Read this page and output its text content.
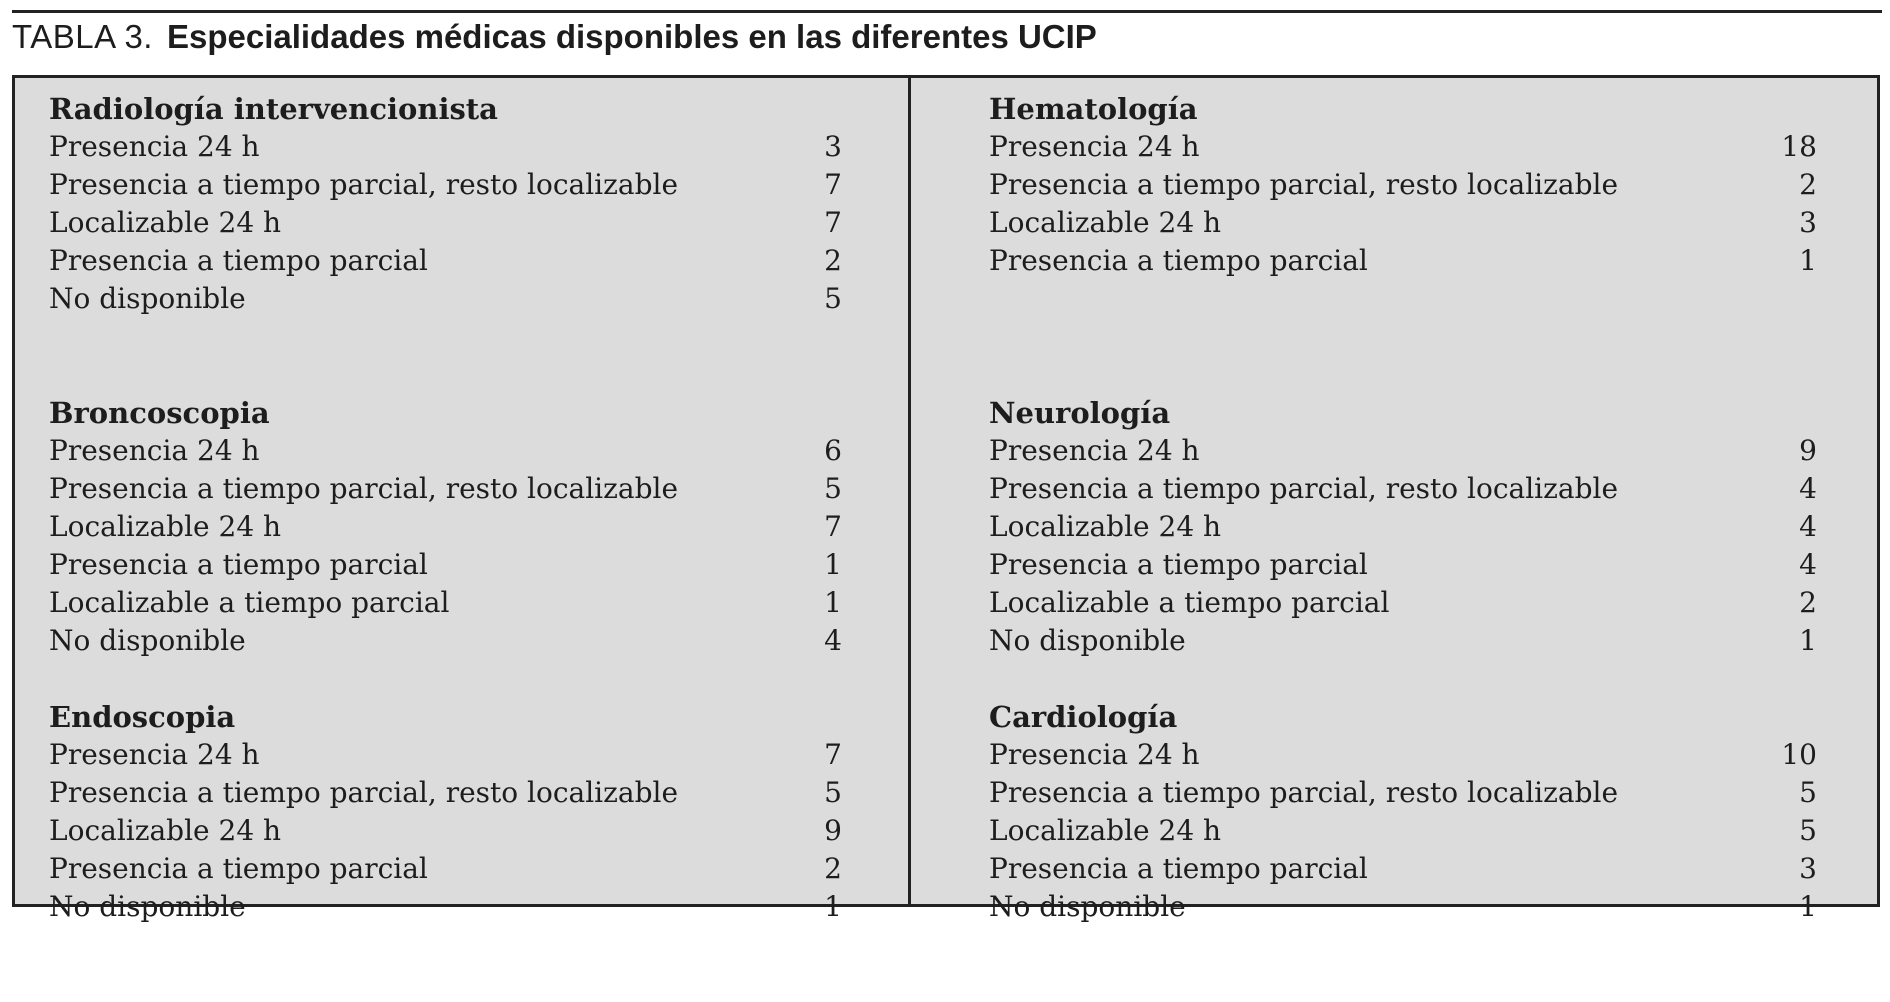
TABLA 3. Especialidades médicas disponibles en las diferentes UCIP
Radiología intervencionista
Presencia 24 h	3
Presencia a tiempo parcial, resto localizable	7
Localizable 24 h	7
Presencia a tiempo parcial	2
No disponible	5
Broncoscopia
Presencia 24 h	6
Presencia a tiempo parcial, resto localizable	5
Localizable 24 h	7
Presencia a tiempo parcial	1
Localizable a tiempo parcial	1
No disponible	4
Endoscopia
Presencia 24 h	7
Presencia a tiempo parcial, resto localizable	5
Localizable 24 h	9
Presencia a tiempo parcial	2
No disponible	1
Hematología
Presencia 24 h	18
Presencia a tiempo parcial, resto localizable	2
Localizable 24 h	3
Presencia a tiempo parcial	1
Neurología
Presencia 24 h	9
Presencia a tiempo parcial, resto localizable	4
Localizable 24 h	4
Presencia a tiempo parcial	4
Localizable a tiempo parcial	2
No disponible	1
Cardiología
Presencia 24 h	10
Presencia a tiempo parcial, resto localizable	5
Localizable 24 h	5
Presencia a tiempo parcial	3
No disponible	1
